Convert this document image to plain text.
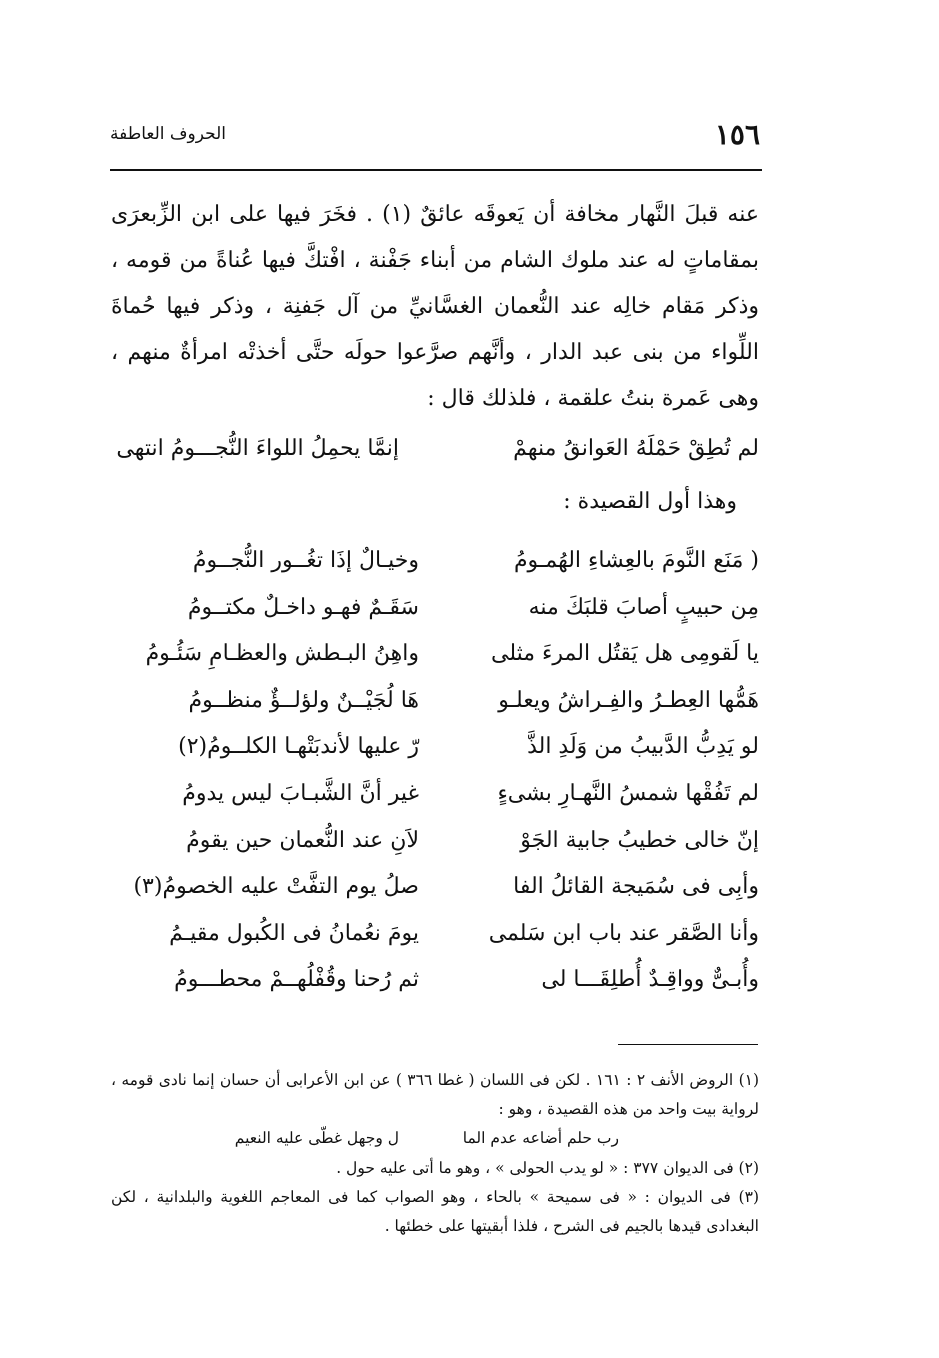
١٥٦
الحروف العاطفة

عنه قبلَ النَّهار مخافة أن يَعوقَه عائقٌ (١) . فخَرَ فيها على ابن الزِّبعرَى بمقاماتٍ له عند ملوك الشام من أبناء جَفْنة ، افْتكَّ فيها عُناةً من قومه ، وذكر مَقام خالِه عند النُّعمان الغسَّانيِّ من آل جَفنِة ، وذكر فيها حُماةَ اللِّواء من بنى عبد الدار ، وأنَّهم صرَّعوا حولَه حتَّى أخذتْه امرأةٌ منهم ، وهى عَمرة بنتُ علقمة ، فلذلك قال :

لم تُطِقْ حَمْلَهُ العَوانقُ منهمْ
إنمَّا يحمِلُ اللواءَ النُّجـــومُ انتهى
وهذا أول القصيدة :
( مَنَع النَّومَ بالعِشاءِ الهُمـومُ
وخيـالٌ إذَا تغُــور النُّجــومُ
مِن حبيبٍ أصابَ قلبَكَ منه
سَقَـمٌ فهـو داخـلٌ مكتــومُ
يا لَقومِى هل يَقتُل المرءَ مثلى
واهِنُ البـطش والعظـامِ سَئُـومُ
هَمُّها العِطـرُ والفِـراشُ ويعلـو
هَا لُجَيْــنٌ ولؤلــؤٌ منظــومُ
لو يَدِبُّ الدَّبيبُ من وَلَدِ الذَّ
رّ عليها لأندبَتْهـا الكلــومُ(٢)
لم تَفُقْها شمسُ النَّهـارِ بشىءٍ
غير أنَّ الشَّبـابَ ليس يدومُ
إنّ خالى خطيبُ جابية الجَوْ
لاَنِ عند النُّعمان حين يقومُ
وأبِى فى سُمَيجة القائلُ الفا
صلُ يوم التفَّتْ عليه الخصومُ(٣)
وأنا الصَّقر عند باب ابن سَلمى
يومَ نعُمانُ فى الكُبول مقيـمُ
وأُبـىٌّ وواقِـدٌ أُطلِقَـــا لى
ثم رُحنا وقُفْلُهــمْ محطـــومُ

(١) الروض الأنف ٢ : ١٦١ . لكن فى اللسان ( غطا ٣٦٦ ) عن ابن الأعرابى أن حسان إنما نادى قومه ، لرواية بيت واحد من هذه القصيدة ، وهو :

رب حلم أضاعه عدم الما
ل وجهل غطّى عليه النعيم

(٢) فى الديوان ٣٧٧ : « لو يدب الحولى » ، وهو ما أتى عليه حول .

(٣) فى الديوان : « فى سميحة » بالحاء ، وهو الصواب كما فى المعاجم اللغوية والبلدانية ، لكن البغدادى قيدها بالجيم فى الشرح ، فلذا أبقيتها على خطئها .
